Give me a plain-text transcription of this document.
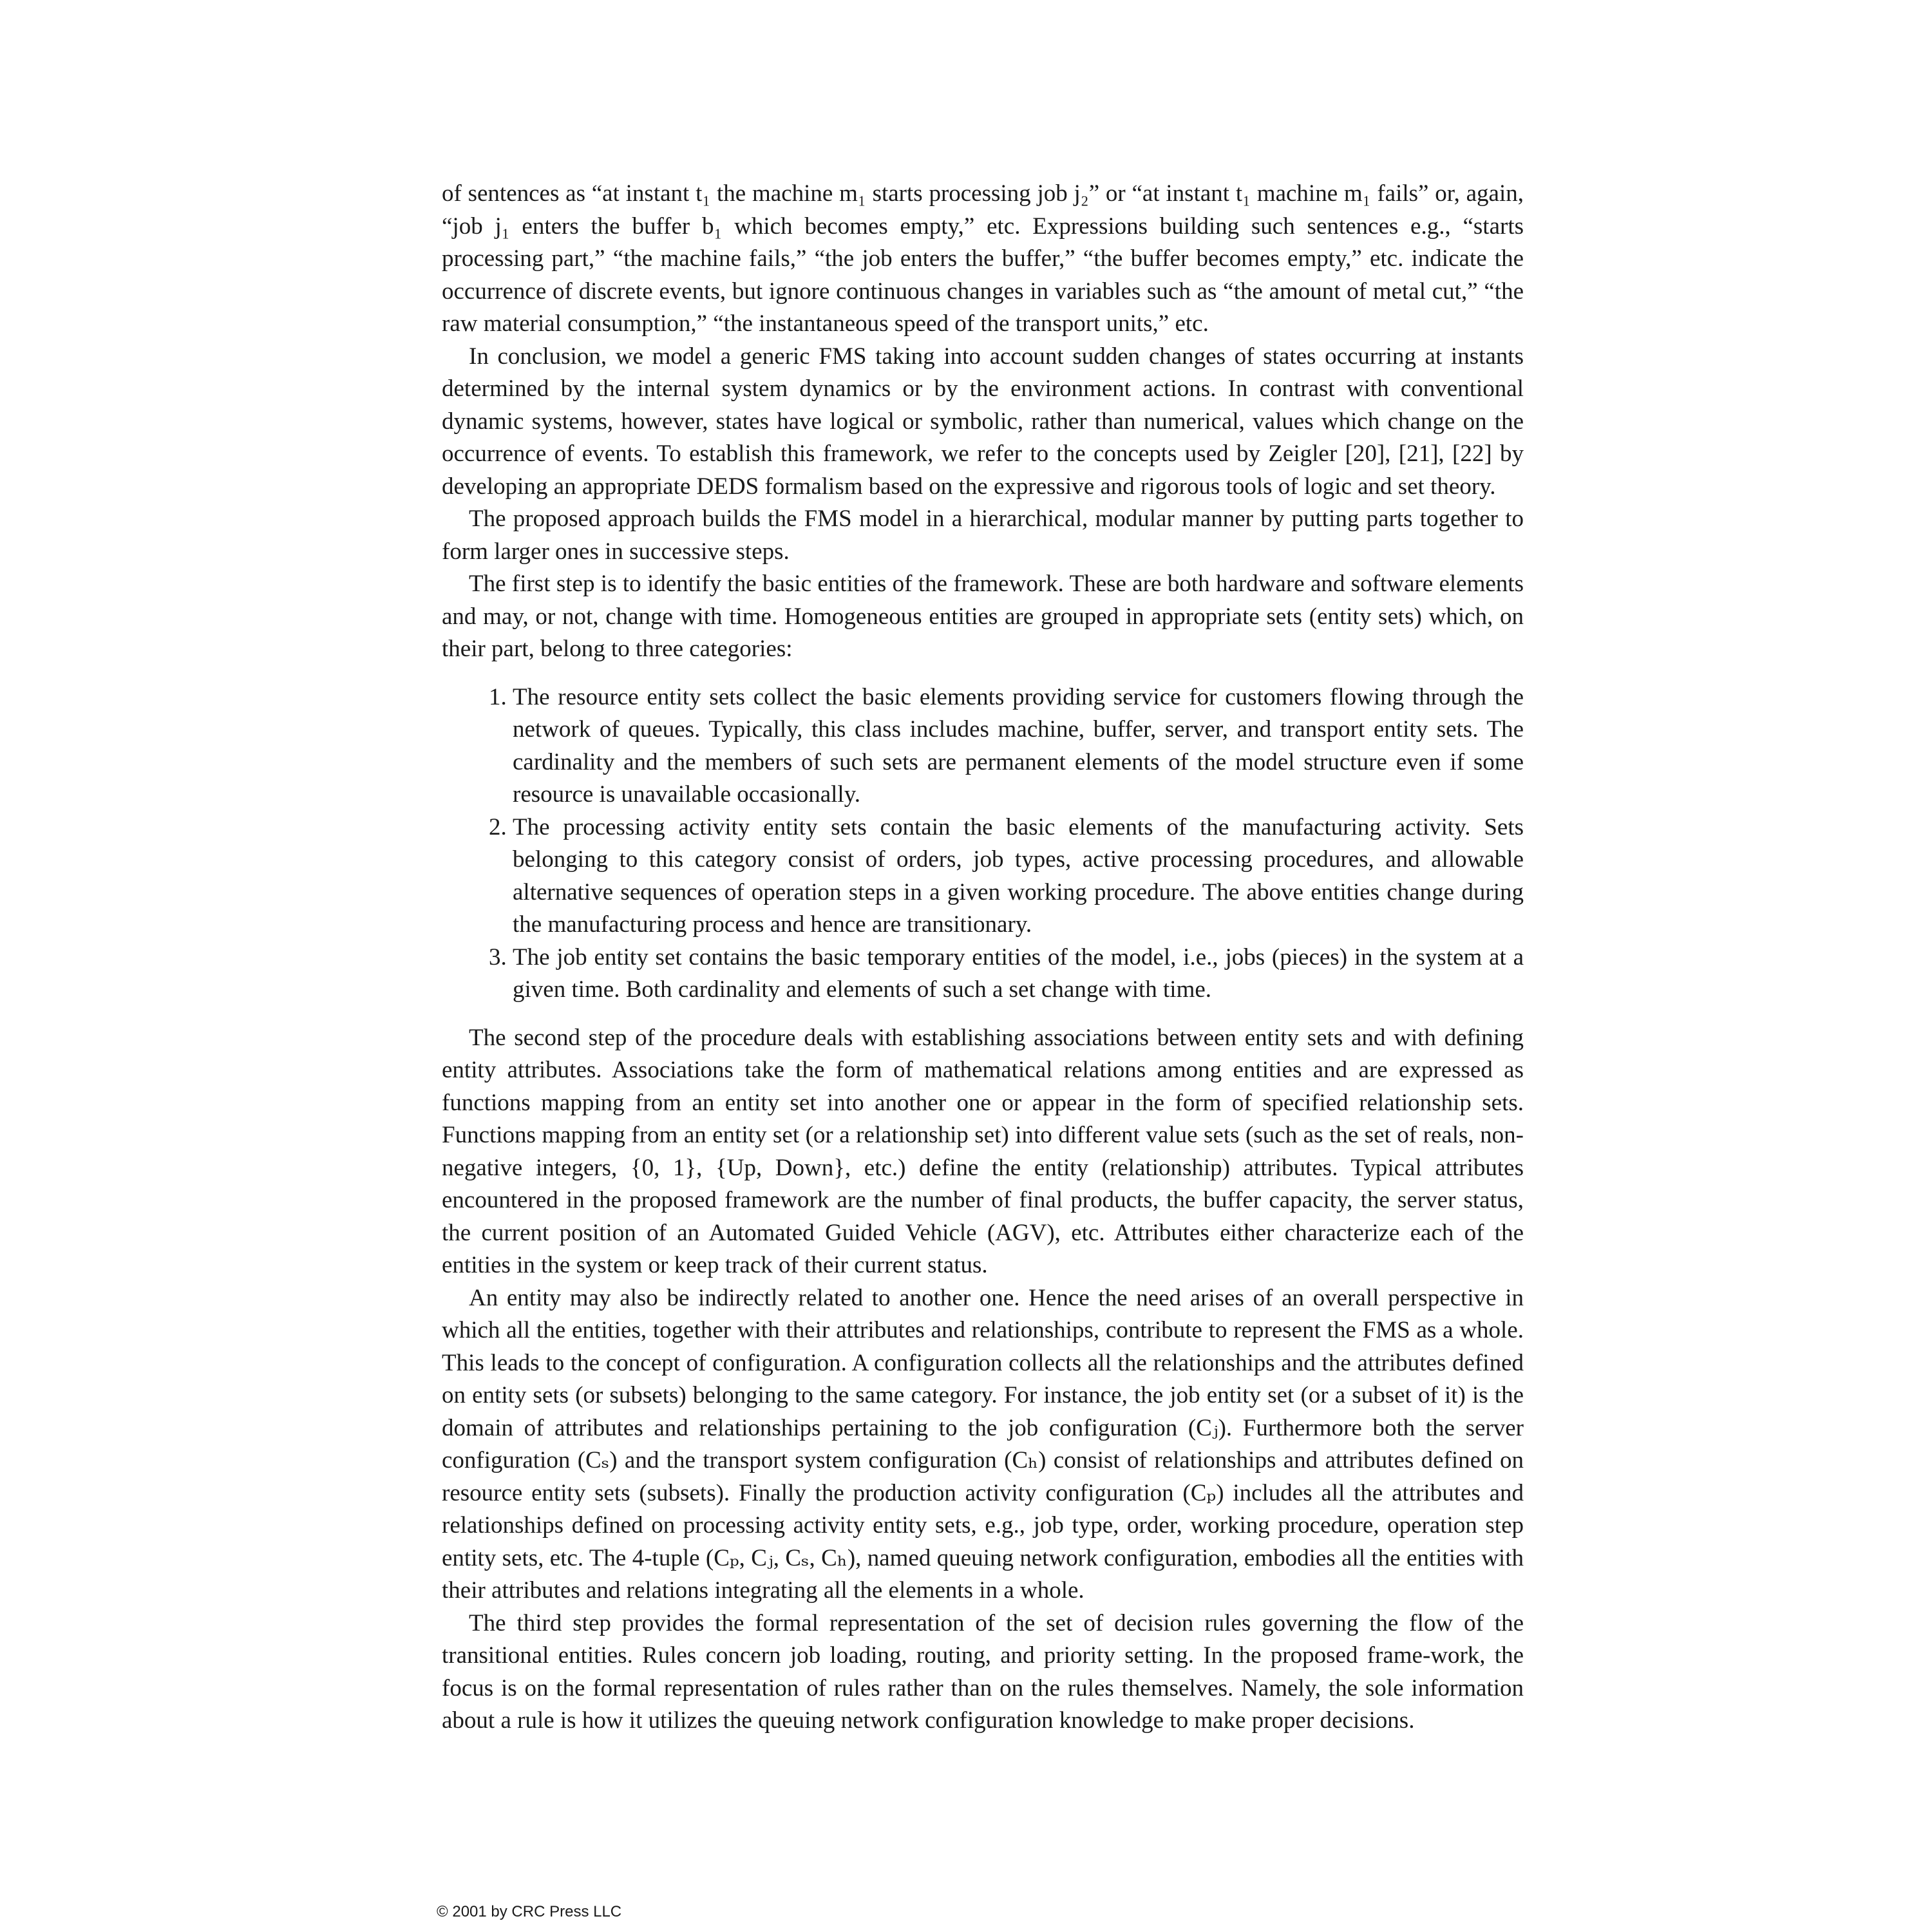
of sentences as “at instant t₁ the machine m₁ starts processing job j₂” or “at instant t₁ machine m₁ fails” or, again, “job j₁ enters the buffer b₁ which becomes empty,” etc. Expressions building such sentences e.g., “starts processing part,” “the machine fails,” “the job enters the buffer,” “the buffer becomes empty,” etc. indicate the occurrence of discrete events, but ignore continuous changes in variables such as “the amount of metal cut,” “the raw material consumption,” “the instantaneous speed of the transport units,” etc.

In conclusion, we model a generic FMS taking into account sudden changes of states occurring at instants determined by the internal system dynamics or by the environment actions. In contrast with conventional dynamic systems, however, states have logical or symbolic, rather than numerical, values which change on the occurrence of events. To establish this framework, we refer to the concepts used by Zeigler [20], [21], [22] by developing an appropriate DEDS formalism based on the expressive and rigorous tools of logic and set theory.

The proposed approach builds the FMS model in a hierarchical, modular manner by putting parts together to form larger ones in successive steps.

The first step is to identify the basic entities of the framework. These are both hardware and software elements and may, or not, change with time. Homogeneous entities are grouped in appropriate sets (entity sets) which, on their part, belong to three categories:

1. The resource entity sets collect the basic elements providing service for customers flowing through the network of queues. Typically, this class includes machine, buffer, server, and transport entity sets. The cardinality and the members of such sets are permanent elements of the model structure even if some resource is unavailable occasionally.
2. The processing activity entity sets contain the basic elements of the manufacturing activity. Sets belonging to this category consist of orders, job types, active processing procedures, and allowable alternative sequences of operation steps in a given working procedure. The above entities change during the manufacturing process and hence are transitionary.
3. The job entity set contains the basic temporary entities of the model, i.e., jobs (pieces) in the system at a given time. Both cardinality and elements of such a set change with time.

The second step of the procedure deals with establishing associations between entity sets and with defining entity attributes. Associations take the form of mathematical relations among entities and are expressed as functions mapping from an entity set into another one or appear in the form of specified relationship sets. Functions mapping from an entity set (or a relationship set) into different value sets (such as the set of reals, non-negative integers, {0, 1}, {Up, Down}, etc.) define the entity (relationship) attributes. Typical attributes encountered in the proposed framework are the number of final products, the buffer capacity, the server status, the current position of an Automated Guided Vehicle (AGV), etc. Attributes either characterize each of the entities in the system or keep track of their current status.

An entity may also be indirectly related to another one. Hence the need arises of an overall perspective in which all the entities, together with their attributes and relationships, contribute to represent the FMS as a whole. This leads to the concept of configuration. A configuration collects all the relationships and the attributes defined on entity sets (or subsets) belonging to the same category. For instance, the job entity set (or a subset of it) is the domain of attributes and relationships pertaining to the job configuration (Cⱼ). Furthermore both the server configuration (Cₛ) and the transport system configuration (Cₕ) consist of relationships and attributes defined on resource entity sets (subsets). Finally the production activity configuration (Cₚ) includes all the attributes and relationships defined on processing activity entity sets, e.g., job type, order, working procedure, operation step entity sets, etc. The 4-tuple (Cₚ, Cⱼ, Cₛ, Cₕ), named queuing network configuration, embodies all the entities with their attributes and relations integrating all the elements in a whole.

The third step provides the formal representation of the set of decision rules governing the flow of the transitional entities. Rules concern job loading, routing, and priority setting. In the proposed frame-work, the focus is on the formal representation of rules rather than on the rules themselves. Namely, the sole information about a rule is how it utilizes the queuing network configuration knowledge to make proper decisions.

© 2001 by CRC Press LLC
